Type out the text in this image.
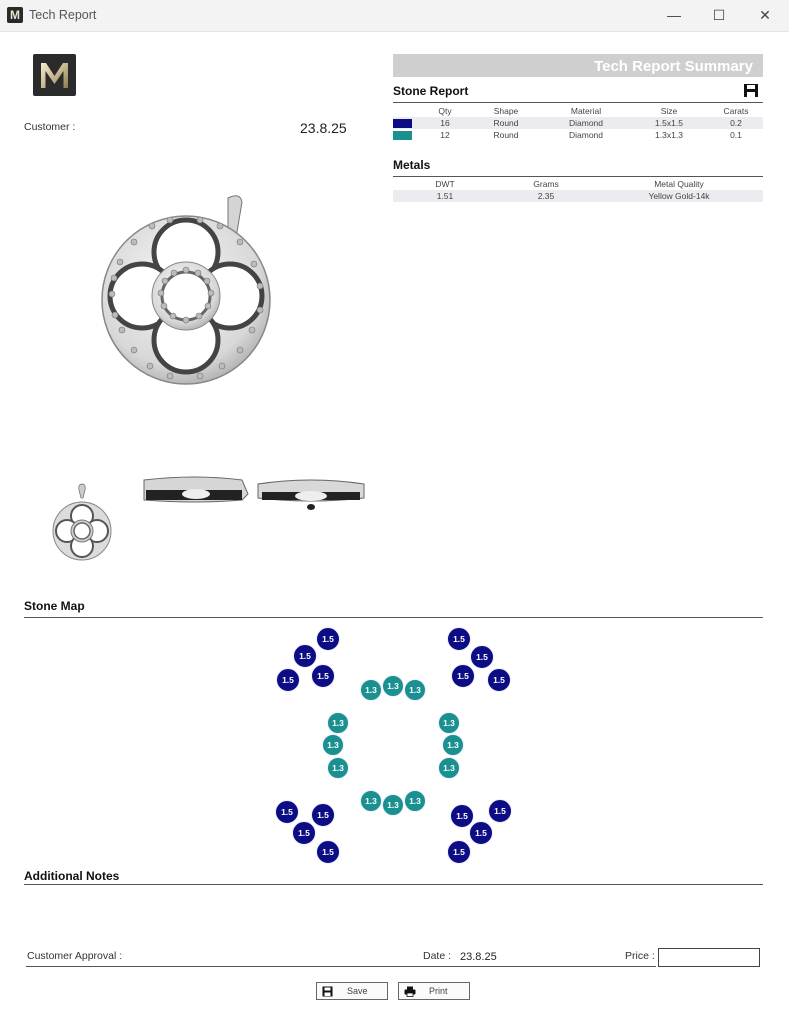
M Tech Report	—	☐	✕
Customer :	23.8.25
Tech Report Summary
Stone Report
	Qty	Shape	Material	Size	Carats
	16	Round	Diamond	1.5x1.5	0.2
	12	Round	Diamond	1.3x1.3	0.1
Metals
DWT	Grams	Metal Quality
1.51	2.35	Yellow Gold-14k
Stone Map
1.5
1.5
1.5	1.5
1.5
1.5
1.5	1.5
1.5	1.5
1.5
1.5
1.5
1.5
1.5
1.5
1.3	1.3	1.3
1.3
1.3
1.3
1.3
1.3
1.3
1.3	1.3	1.3
Additional Notes
Customer Approval :	Date : 23.8.25	Price :
Save	Print
